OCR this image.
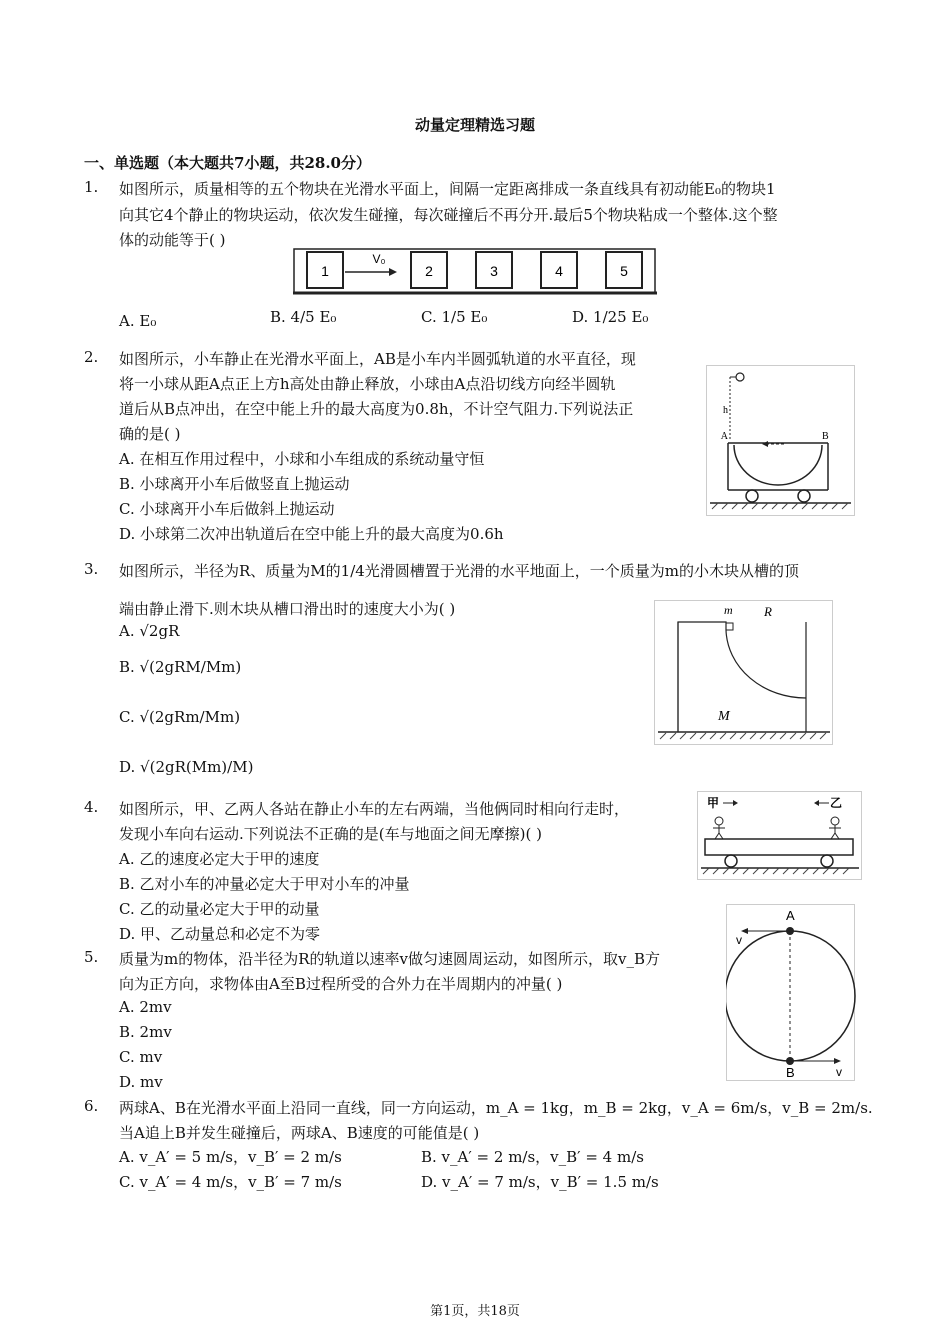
动量定理精选习题
一、单选题（本大题共7小题，共28.0分）
1.	如图所示，质量相等的五个物块在光滑水平面上，间隔一定距离排成一条直线具有初动能E₀的物块1
向其它4个静止的物块运动，依次发生碰撞，每次碰撞后不再分开.最后5个物块粘成一个整体.这个整
体的动能等于( )
1	2	3	4	5
V₀
A. E₀	B. 4/5 E₀	C. 1/5 E₀	D. 1/25 E₀
2.	如图所示，小车静止在光滑水平面上，AB是小车内半圆弧轨道的水平直径，现
将一小球从距A点正上方h高处由静止释放，小球由A点沿切线方向经半圆轨
道后从B点冲出，在空中能上升的最大高度为0.8h，不计空气阻力.下列说法正
确的是( )
A. 在相互作用过程中，小球和小车组成的系统动量守恒
B. 小球离开小车后做竖直上抛运动
C. 小球离开小车后做斜上抛运动
D. 小球第二次冲出轨道后在空中能上升的最大高度为0.6h
h
A	B
3.	如图所示，半径为R、质量为M的1/4光滑圆槽置于光滑的水平地面上，一个质量为m的小木块从槽的顶
端由静止滑下.则木块从槽口滑出时的速度大小为( )
A. √2gR
B. √(2gRM/Mm)
C. √(2gRm/Mm)
D. √(2gR(Mm)/M)
m R
M
4.	如图所示，甲、乙两人各站在静止小车的左右两端，当他俩同时相向行走时，
发现小车向右运动.下列说法不正确的是(车与地面之间无摩擦)( )
A. 乙的速度必定大于甲的速度
B. 乙对小车的冲量必定大于甲对小车的冲量
C. 乙的动量必定大于甲的动量
D. 甲、乙动量总和必定不为零
甲	乙
5.	质量为m的物体，沿半径为R的轨道以速率v做匀速圆周运动，如图所示，取v_B方
向为正方向，求物体由A至B过程所受的合外力在半周期内的冲量( )
A. 2mv
B. 2mv
C. mv
D. mv
A
B
v
v
6.	两球A、B在光滑水平面上沿同一直线，同一方向运动，m_A = 1kg，m_B = 2kg，v_A = 6m/s，v_B = 2m/s.
当A追上B并发生碰撞后，两球A、B速度的可能值是( )
A. v_A′ = 5 m/s，v_B′ = 2 m/s	B. v_A′ = 2 m/s，v_B′ = 4 m/s
C. v_A′ = 4 m/s，v_B′ = 7 m/s	D. v_A′ = 7 m/s，v_B′ = 1.5 m/s
第1页，共18页
